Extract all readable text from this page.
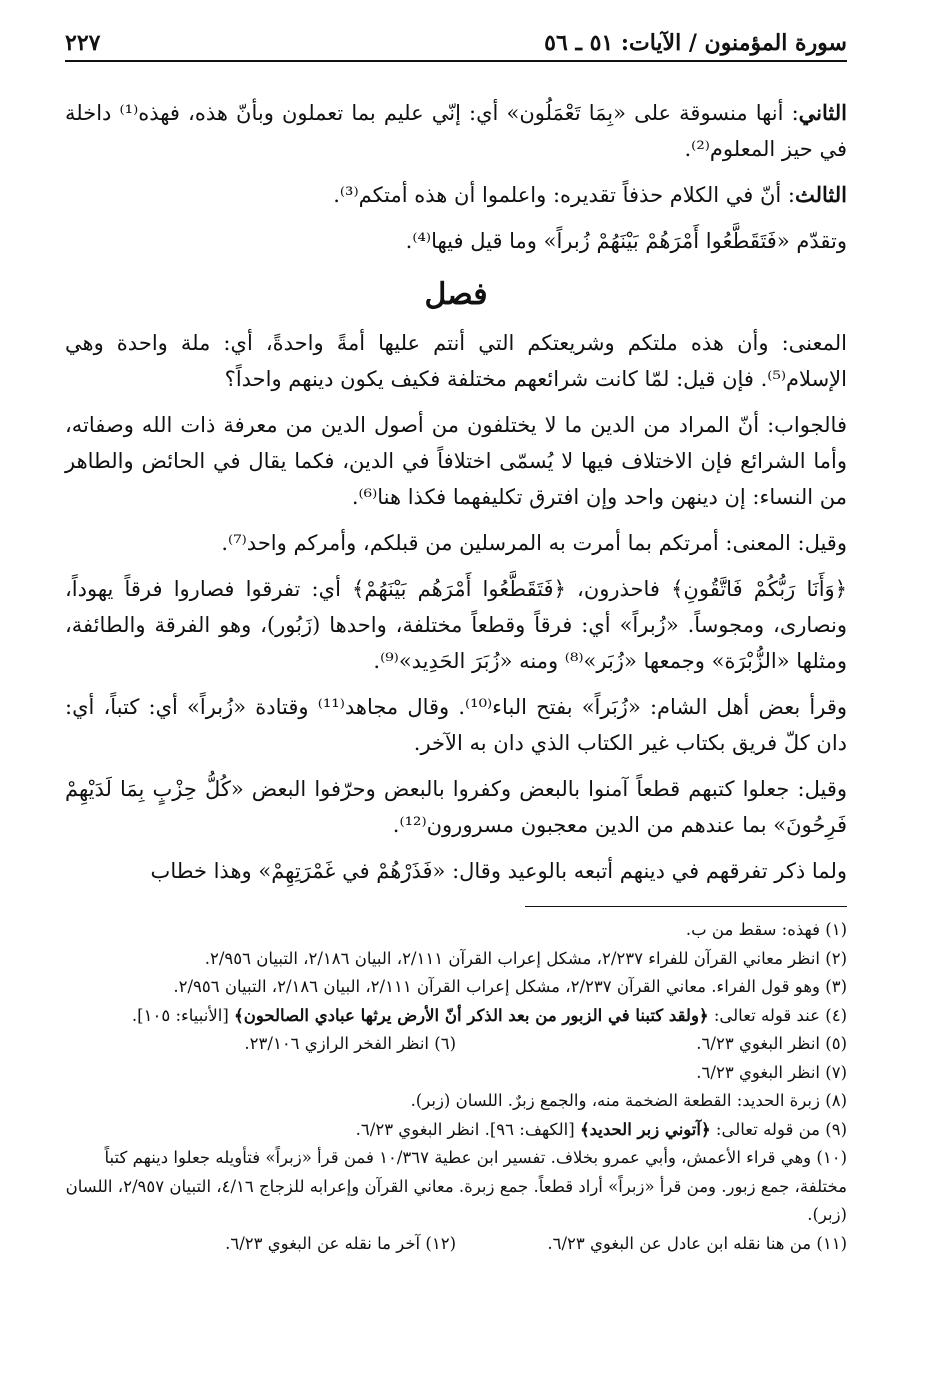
سورة المؤمنون / الآيات: ٥١ ـ ٥٦
٢٢٧

الثاني: أنها منسوقة على «بِمَا تَعْمَلُون» أي: إنّي عليم بما تعملون وبأنّ هذه، فهذه⁽¹⁾ داخلة في حيز المعلوم⁽²⁾.

الثالث: أنّ في الكلام حذفاً تقديره: واعلموا أن هذه أمتكم⁽³⁾.

وتقدّم «فَتَقَطَّعُوا أَمْرَهُمْ بَيْنَهُمْ زُبراً» وما قيل فيها⁽⁴⁾.

فصل

المعنى: وأن هذه ملتكم وشريعتكم التي أنتم عليها أمةً واحدةً، أي: ملة واحدة وهي الإسلام⁽⁵⁾. فإن قيل: لمّا كانت شرائعهم مختلفة فكيف يكون دينهم واحداً؟

فالجواب: أنّ المراد من الدين ما لا يختلفون من أصول الدين من معرفة ذات الله وصفاته، وأما الشرائع فإن الاختلاف فيها لا يُسمّى اختلافاً في الدين، فكما يقال في الحائض والطاهر من النساء: إن دينهن واحد وإن افترق تكليفهما فكذا هنا⁽⁶⁾.

وقيل: المعنى: أمرتكم بما أمرت به المرسلين من قبلكم، وأمركم واحد⁽⁷⁾.

﴿وَأَنَا رَبُّكُمْ فَاتَّقُونِ﴾ فاحذرون، ﴿فَتَقَطَّعُوا أَمْرَهُم بَيْنَهُمْ﴾ أي: تفرقوا فصاروا فرقاً يهوداً، ونصارى، ومجوساً. «زُبراً» أي: فرقاً وقطعاً مختلفة، واحدها (زَبُور)، وهو الفرقة والطائفة، ومثلها «الزُّبْرَة» وجمعها «زُبَر»⁽⁸⁾ ومنه «زُبَرَ الحَدِيد»⁽⁹⁾.

وقرأ بعض أهل الشام: «زُبَراً» بفتح الباء⁽¹⁰⁾. وقال مجاهد⁽¹¹⁾ وقتادة «زُبراً» أي: كتباً، أي: دان كلّ فريق بكتاب غير الكتاب الذي دان به الآخر.

وقيل: جعلوا كتبهم قطعاً آمنوا بالبعض وكفروا بالبعض وحرّفوا البعض «كُلُّ حِزْبٍ بِمَا لَدَيْهِمْ فَرِحُونَ» بما عندهم من الدين معجبون مسرورون⁽¹²⁾.

ولما ذكر تفرقهم في دينهم أتبعه بالوعيد وقال: «فَذَرْهُمْ في غَمْرَتِهِمْ» وهذا خطاب

(١) فهذه: سقط من ب.

(٢) انظر معاني القرآن للفراء ٢/٢٣٧، مشكل إعراب القرآن ٢/١١١، البيان ٢/١٨٦، التبيان ٢/٩٥٦.

(٣) وهو قول الفراء. معاني القرآن ٢/٢٣٧، مشكل إعراب القرآن ٢/١١١، البيان ٢/١٨٦، التبيان ٢/٩٥٦.

(٤) عند قوله تعالى: ﴿ولقد كتبنا في الزبور من بعد الذكر أنّ الأرض يرثها عبادي الصالحون﴾ [الأنبياء: ١٠٥].

(٥) انظر البغوي ٦/٢٣.

(٦) انظر الفخر الرازي ٢٣/١٠٦.

(٧) انظر البغوي ٦/٢٣.

(٨) زبرة الحديد: القطعة الضخمة منه، والجمع زبرٌ. اللسان (زبر).

(٩) من قوله تعالى: ﴿آتوني زبر الحديد﴾ [الكهف: ٩٦]. انظر البغوي ٦/٢٣.

(١٠) وهي قراء الأعمش، وأبي عمرو بخلاف. تفسير ابن عطية ١٠/٣٦٧ فمن قرأ «زبراً» فتأويله جعلوا دينهم كتباً مختلفة، جمع زبور. ومن قرأ «زبراً» أراد قطعاً. جمع زبرة. معاني القرآن وإعرابه للزجاج ٤/١٦، التبيان ٢/٩٥٧، اللسان (زبر).

(١١) من هنا نقله ابن عادل عن البغوي ٦/٢٣.

(١٢) آخر ما نقله عن البغوي ٦/٢٣.
